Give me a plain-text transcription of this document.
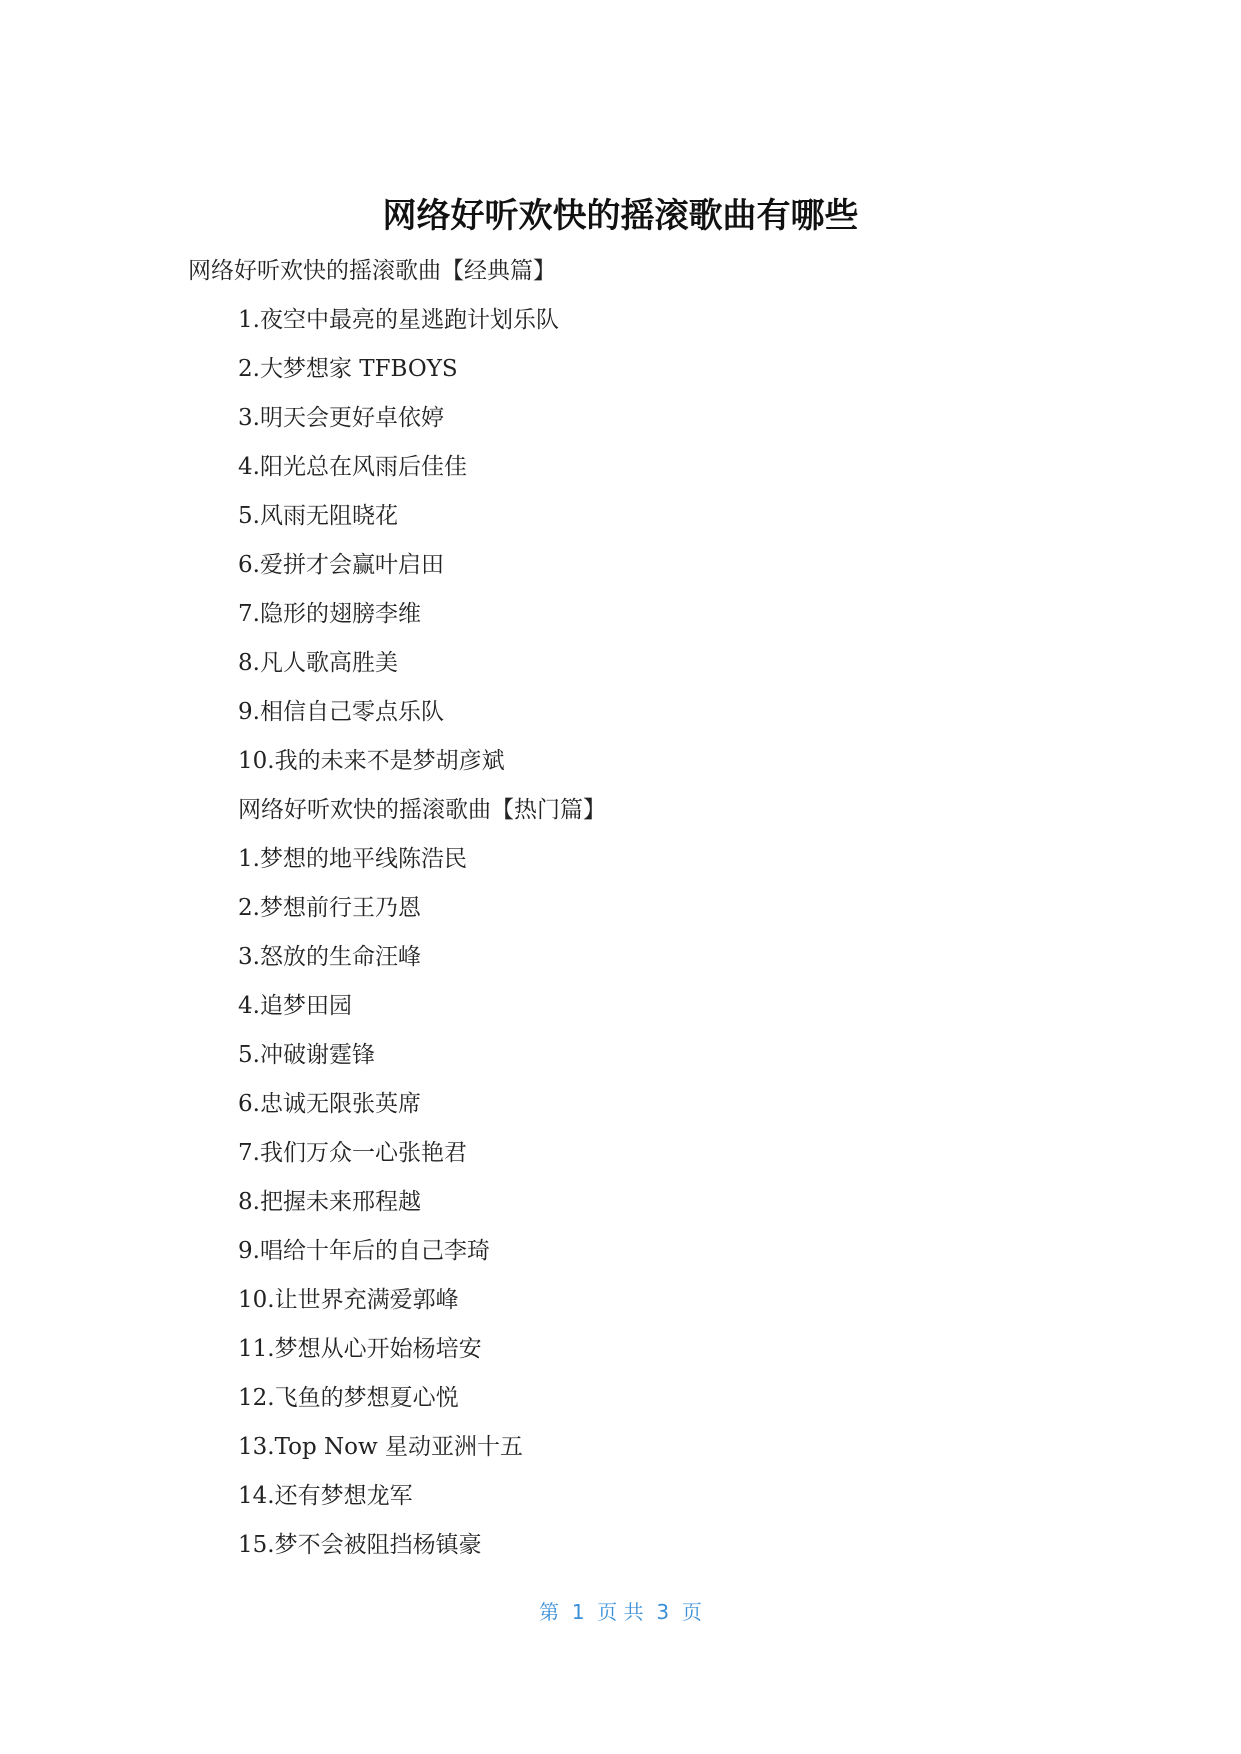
网络好听欢快的摇滚歌曲有哪些
网络好听欢快的摇滚歌曲【经典篇】
1.夜空中最亮的星逃跑计划乐队
2.大梦想家 TFBOYS
3.明天会更好卓依婷
4.阳光总在风雨后佳佳
5.风雨无阻晓花
6.爱拼才会赢叶启田
7.隐形的翅膀李维
8.凡人歌高胜美
9.相信自己零点乐队
10.我的未来不是梦胡彦斌
网络好听欢快的摇滚歌曲【热门篇】
1.梦想的地平线陈浩民
2.梦想前行王乃恩
3.怒放的生命汪峰
4.追梦田园
5.冲破谢霆锋
6.忠诚无限张英席
7.我们万众一心张艳君
8.把握未来邢程越
9.唱给十年后的自己李琦
10.让世界充满爱郭峰
11.梦想从心开始杨培安
12.飞鱼的梦想夏心悦
13.Top Now 星动亚洲十五
14.还有梦想龙军
15.梦不会被阻挡杨镇豪
第  1  页 共  3  页
